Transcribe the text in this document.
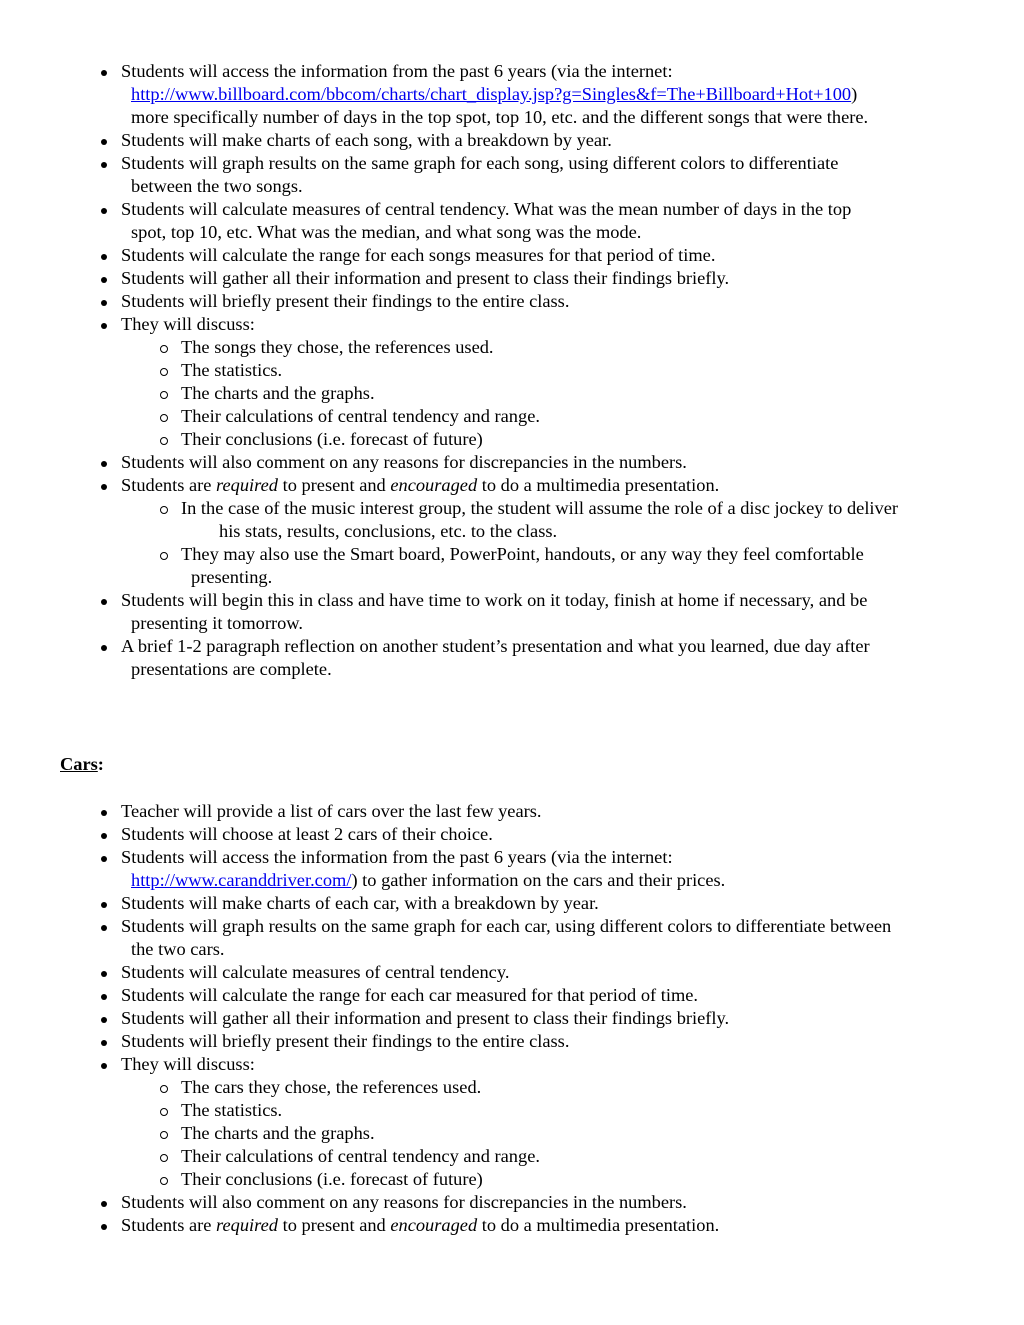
Students will access the information from the past 6 years (via the internet:
http://www.billboard.com/bbcom/charts/chart_display.jsp?g=Singles&f=The+Billboard+Hot+100)
more specifically number of days in the top spot, top 10, etc. and the different songs that were there.
Students will make charts of each song, with a breakdown by year.
Students will graph results on the same graph for each song, using different colors to differentiate
between the two songs.
Students will calculate measures of central tendency. What was the mean number of days in the top
spot, top 10, etc. What was the median, and what song was the mode.
Students will calculate the range for each songs measures for that period of time.
Students will gather all their information and present to class their findings briefly.
Students will briefly present their findings to the entire class.
They will discuss:
The songs they chose, the references used.
The statistics.
The charts and the graphs.
Their calculations of central tendency and range.
Their conclusions (i.e. forecast of future)
Students will also comment on any reasons for discrepancies in the numbers.
Students are required to present and encouraged to do a multimedia presentation.
In the case of the music interest group, the student will assume the role of a disc jockey to deliver
his stats, results, conclusions, etc. to the class.
They may also use the Smart board, PowerPoint, handouts, or any way they feel comfortable
presenting.
Students will begin this in class and have time to work on it today, finish at home if necessary, and be
presenting it tomorrow.
A brief 1-2 paragraph reflection on another student’s presentation and what you learned, due day after
presentations are complete.
Cars:
Teacher will provide a list of cars over the last few years.
Students will choose at least 2 cars of their choice.
Students will access the information from the past 6 years (via the internet:
http://www.caranddriver.com/) to gather information on the cars and their prices.
Students will make charts of each car, with a breakdown by year.
Students will graph results on the same graph for each car, using different colors to differentiate between
the two cars.
Students will calculate measures of central tendency.
Students will calculate the range for each car measured for that period of time.
Students will gather all their information and present to class their findings briefly.
Students will briefly present their findings to the entire class.
They will discuss:
The cars they chose, the references used.
The statistics.
The charts and the graphs.
Their calculations of central tendency and range.
Their conclusions (i.e. forecast of future)
Students will also comment on any reasons for discrepancies in the numbers.
Students are required to present and encouraged to do a multimedia presentation.
